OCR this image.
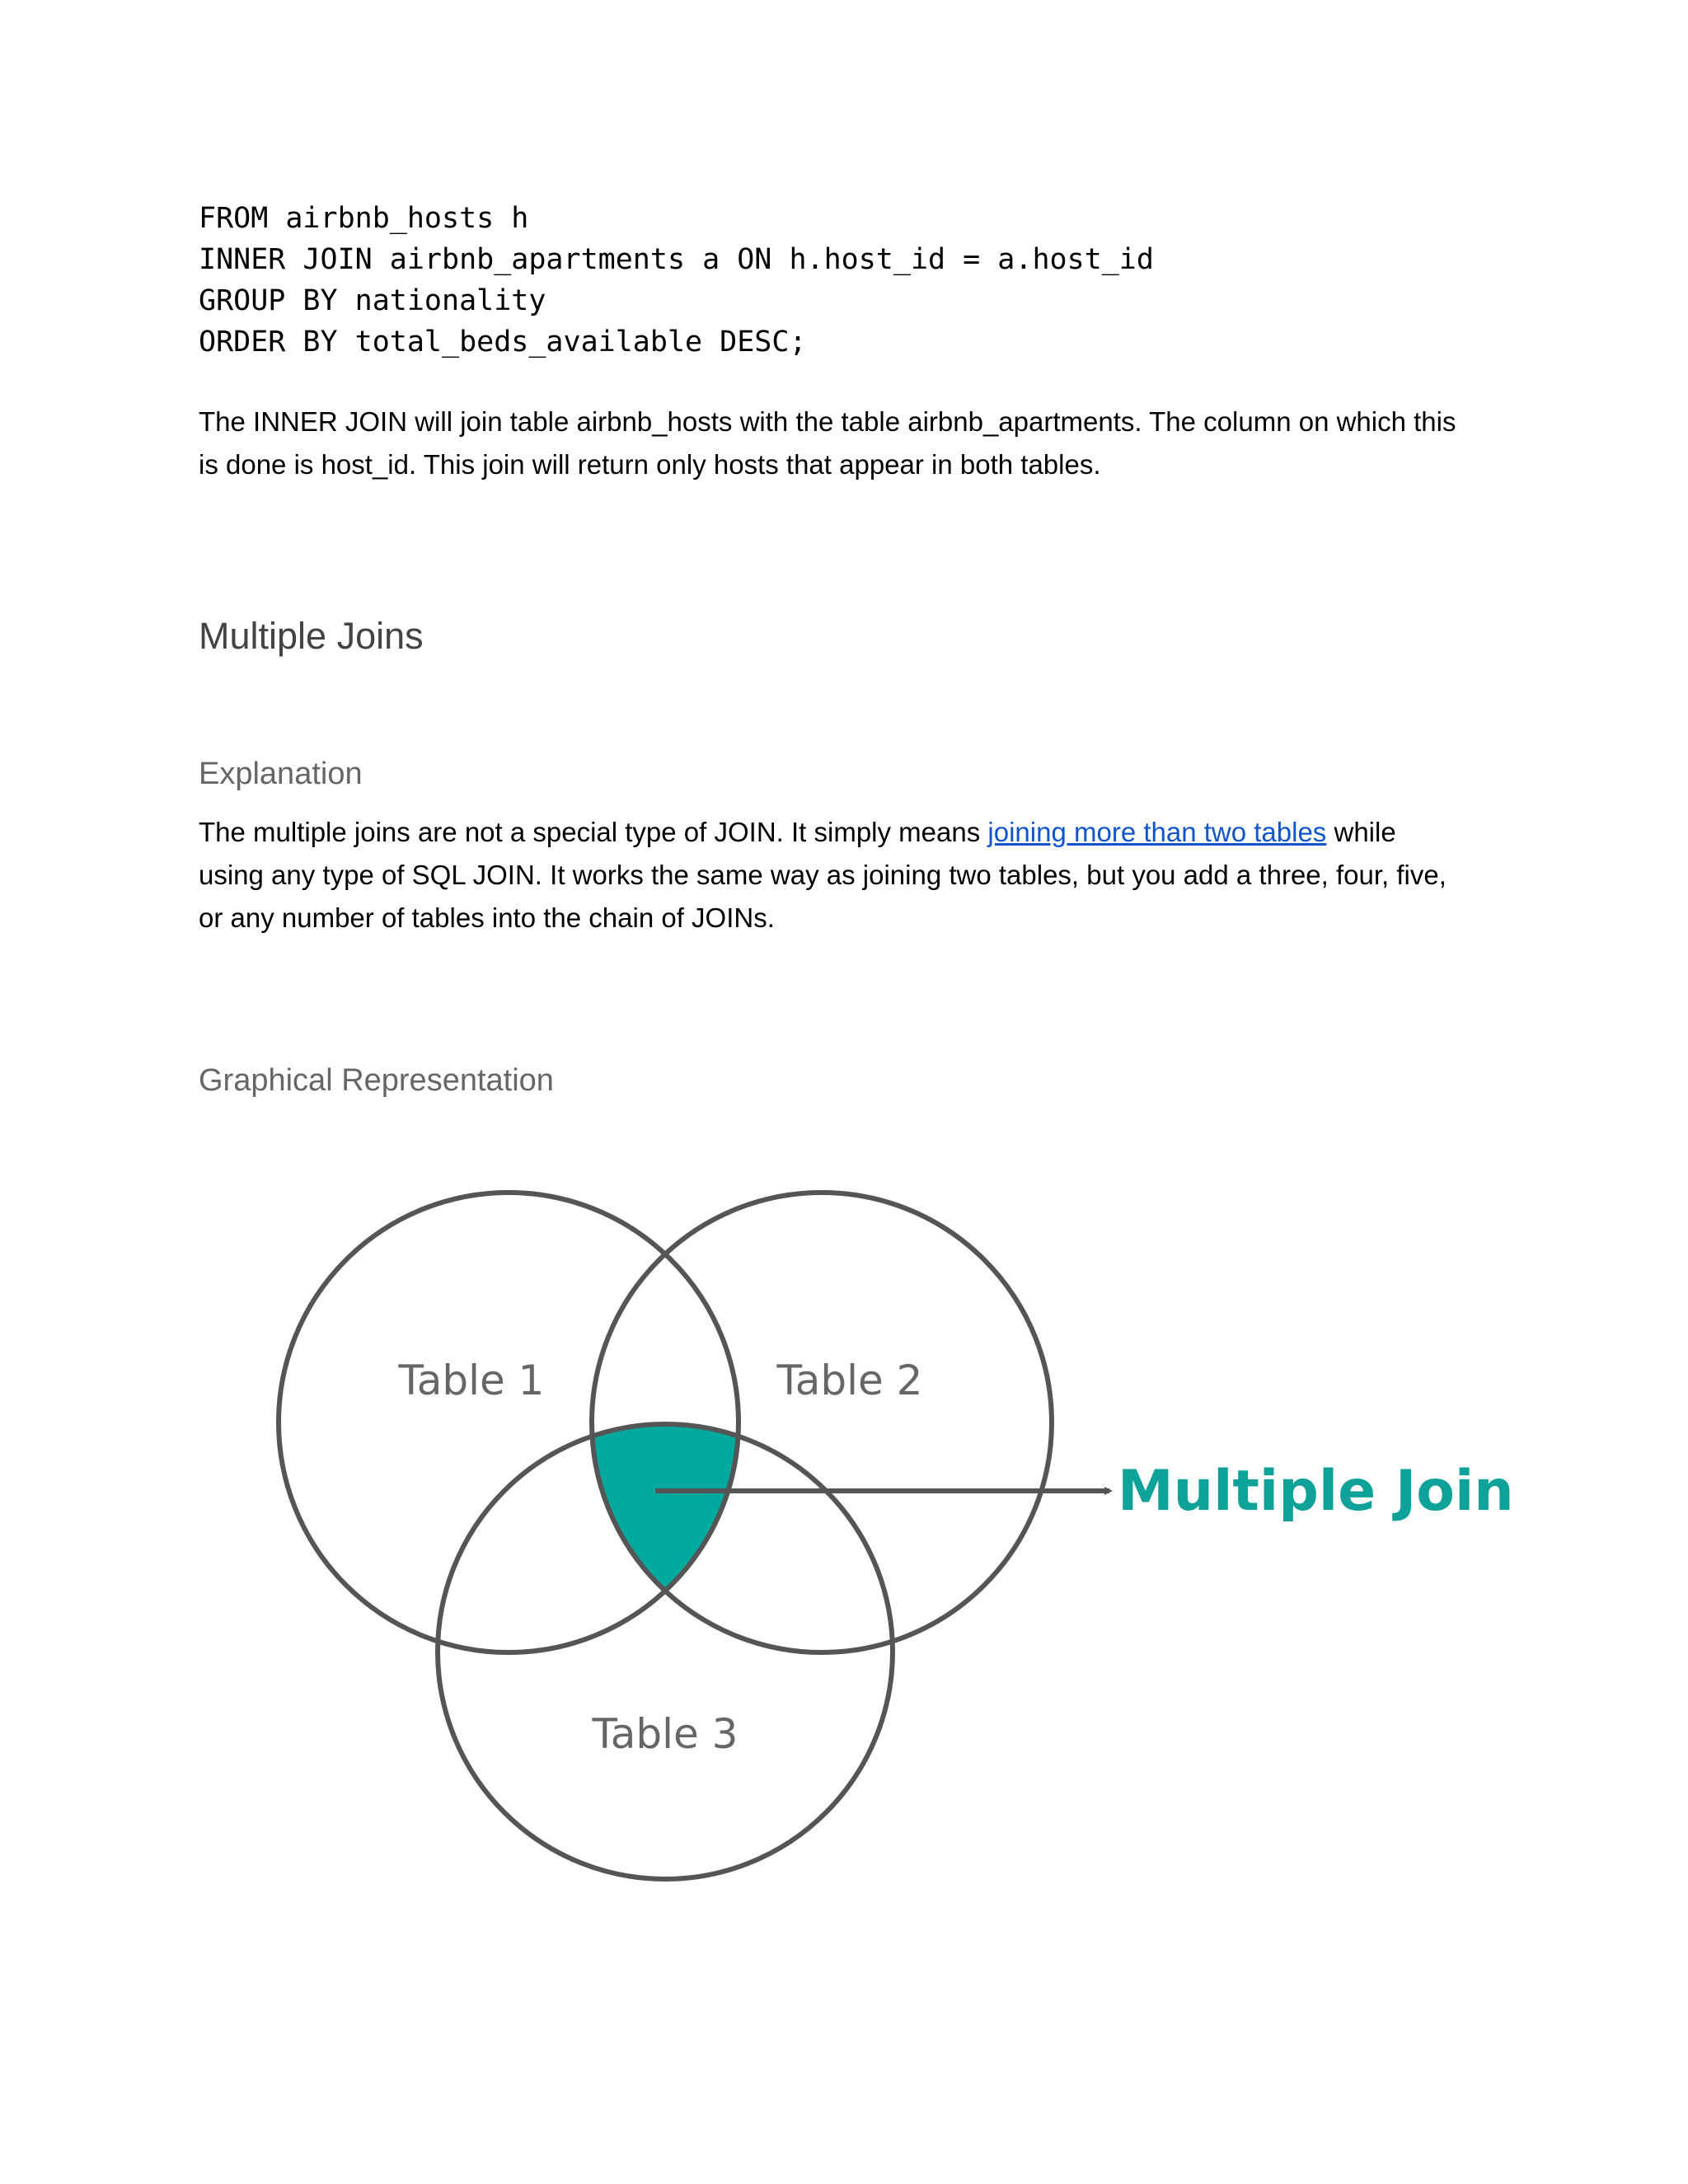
FROM airbnb_hosts h
INNER JOIN airbnb_apartments a ON h.host_id = a.host_id
GROUP BY nationality
ORDER BY total_beds_available DESC;

The INNER JOIN will join table airbnb_hosts with the table airbnb_apartments. The column on which this
is done is host_id. This join will return only hosts that appear in both tables.

Multiple Joins
Explanation

The multiple joins are not a special type of JOIN. It simply means joining more than two tables while
using any type of SQL JOIN. It works the same way as joining two tables, but you add a three, four, five,
or any number of tables into the chain of JOINs.

Graphical Representation
Table 1	Table 2
Table 3
Multiple Join
